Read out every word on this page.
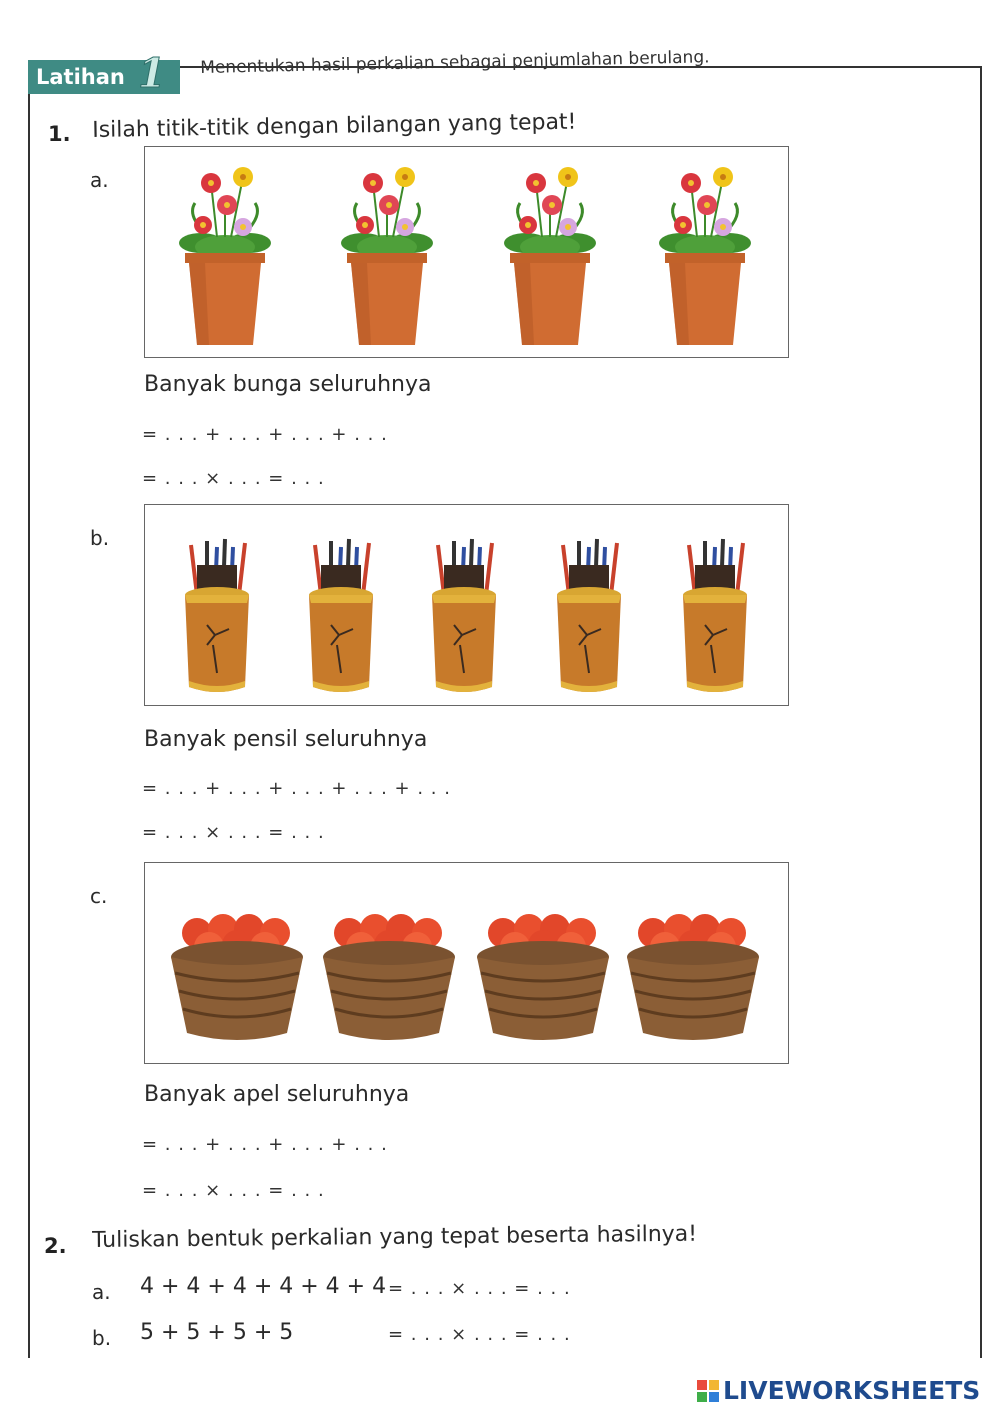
Latihan 1 Menentukan hasil perkalian sebagai penjumlahan berulang.
1. Isilah titik-titik dengan bilangan yang tepat!
a.
Banyak bunga seluruhnya
= . . . + . . . + . . . + . . .
= . . . × . . . = . . .
b.
Banyak pensil seluruhnya
= . . . + . . . + . . . + . . . + . . .
= . . . × . . . = . . .
c.
Banyak apel seluruhnya
= . . . + . . . + . . . + . . .
= . . . × . . . = . . .
2. Tuliskan bentuk perkalian yang tepat beserta hasilnya!
a. 4 + 4 + 4 + 4 + 4 + 4 = . . . × . . . = . . .
b. 5 + 5 + 5 + 5	= . . . × . . . = . . .
LIVEWORKSHEETS
